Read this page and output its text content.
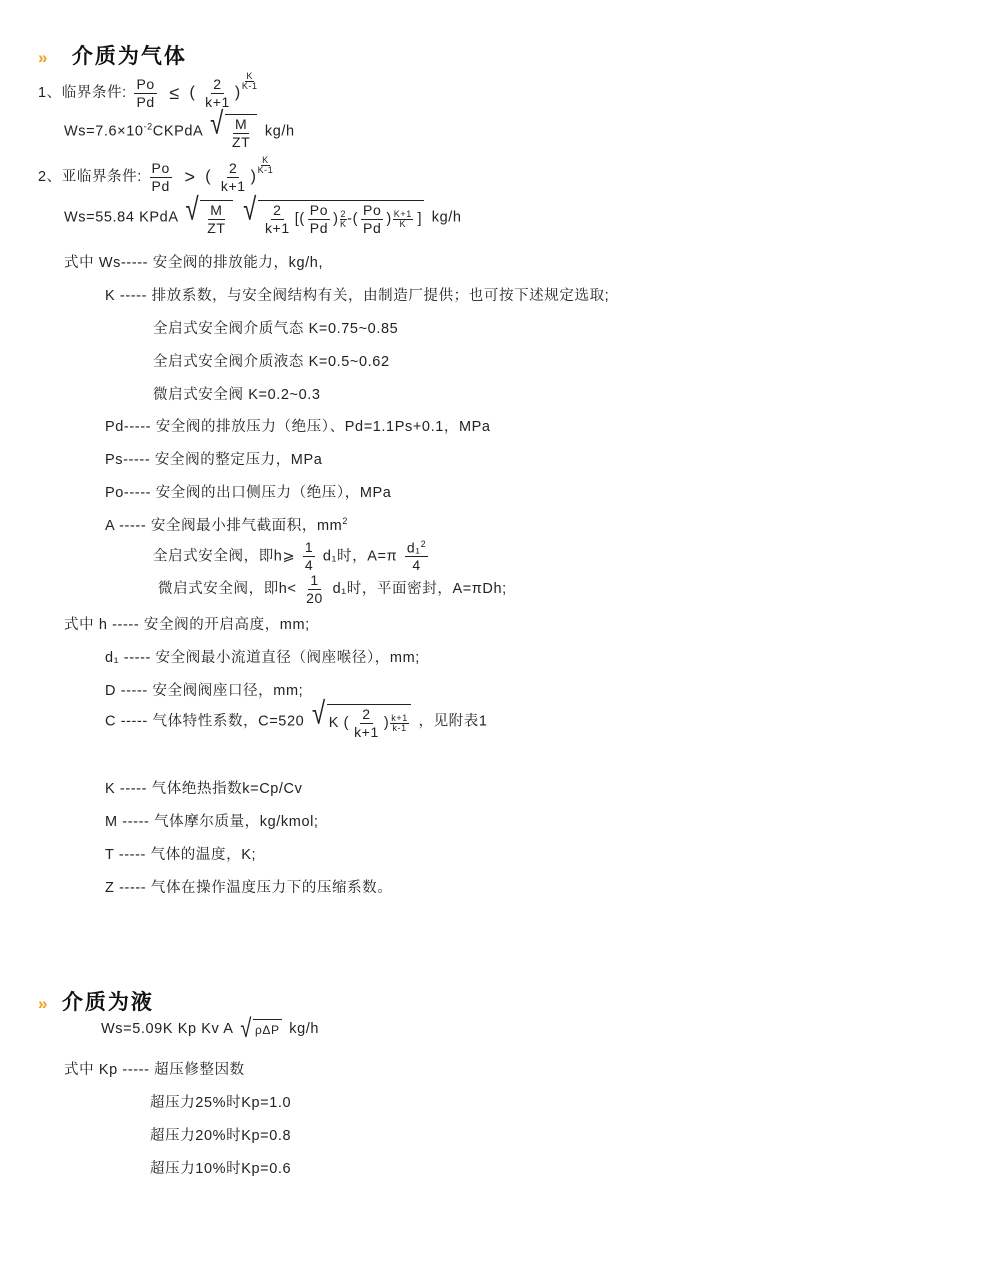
» 介质为气体
1、临界条件: $\frac{Po}{Pd}$ ≤ ( $\frac{2}{k+1}$ )
$\frac{K}{K-1}$
$Ws=7.6\times 10^{-2}CKPdA$ √ $\frac{M}{ZT} kg/h$
2、亚临界条件: $\frac{Po}{Pd}$ > ( $\frac{2}{k+1}$ )
$\frac{K}{K-1}$
Ws=55.84 KPdA √ $\frac{M}{ZT}$
√ $\frac{2}{k+1}$ [( $\frac{Po}{Pd}$ ) 2
K -( $\frac{Po}{Pd}$ ) K+1
K ] kg/h
式中 Ws----- 安全阀的排放能力，kg/h,
K ----- 排放系数，与安全阀结构有关，由制造厂提供；也可按下述规定选取;
全启式安全阀介质气态 K=0.75~0.85
全启式安全阀介质液态 K=0.5~0.62
微启式安全阀 K=0.2~0.3
Pd----- 安全阀的排放压力（绝压）、Pd=1.1Ps+0.1，MPa
Ps----- 安全阀的整定压力，MPa
Po----- 安全阀的出口侧压力（绝压），MPa
A ----- 安全阀最小排气截面积，$mm^2$
全启式安全阀，即h⩾ $\frac{1}{4} d_1$时，$A=\pi \frac{d_1^2}{4}$
微启式安全阀，即$h< \frac{1}{20} d_1$时，平面密封，A=πDh;
式中 h ----- 安全阀的开启高度，mm;
d₁ ----- 安全阀最小流道直径（阀座喉径），mm;
D ----- 安全阀阀座口径，mm;
C ----- 气体特性系数，C=520 √ K ( $\frac{2}{k+1}$ ) k+1
k-1 ，见附表1
K ----- 气体绝热指数k=Cp/Cv
M ----- 气体摩尔质量，kg/kmol;
T ----- 气体的温度，K;
Z ----- 气体在操作温度压力下的压缩系数。
» 介质为液
Ws=5.09K Kp Kv A √ ρΔP kg/h
式中 Kp ----- 超压修整因数
超压力25%时Kp=1.0
超压力20%时Kp=0.8
超压力10%时Kp=0.6
